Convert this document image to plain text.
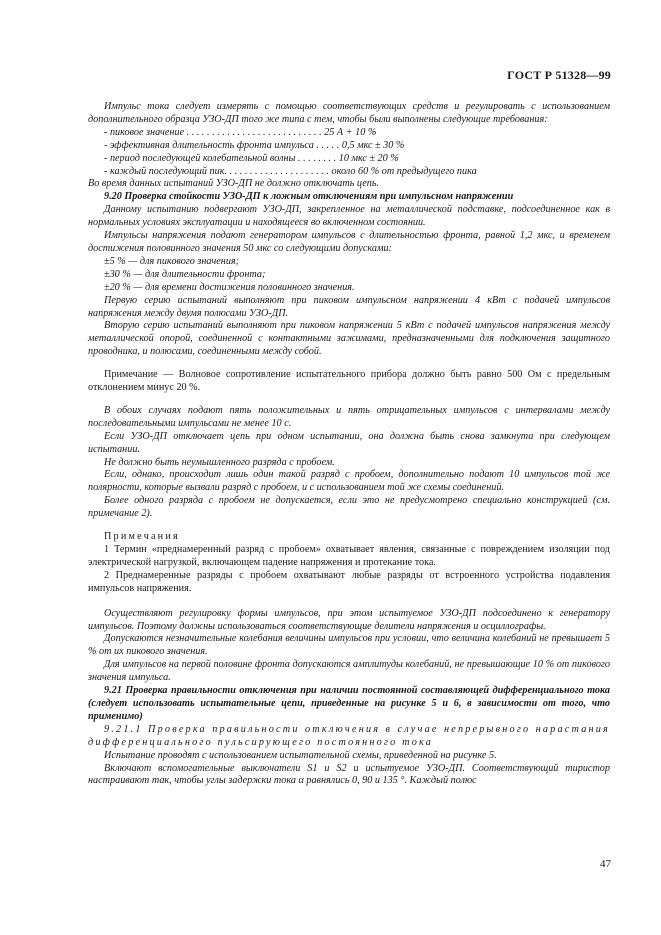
ГОСТ Р 51328—99

Импульс тока следует измерять с помощью соответствующих средств и регулировать с использованием дополнительного образца УЗО-ДП того же типа с тем, чтобы были выполнены следующие требования:

- пиковое значение . . . . . . . . . . . . . . . . . . . . . . . . . . . 25 А + 10 %
- эффективная длительность фронта импульса . . . . . 0,5 мкс ± 30 %
- период последующей колебательной волны . . . . . . . . 10 мкс ± 20 %
- каждый последующий пик. . . . . . . . . . . . . . . . . . . . . около 60 % от предыдущего пика

Во время данных испытаний УЗО-ДП не должно отключать цепь.

9.20 Проверка стойкости УЗО-ДП к ложным отключениям при импульсном напряжении

Данному испытанию подвергают УЗО-ДП, закрепленное на металлической подставке, подсоединенное как в нормальных условиях эксплуатации и находящееся во включенном состоянии.

Импульсы напряжения подают генератором импульсов с длительностью фронта, равной 1,2 мкс, и временем достижения половинного значения 50 мкс со следующими допусками:

±5 % — для пикового значения;

±30 % — для длительности фронта;

±20 % — для времени достижения половинного значения.

Первую серию испытаний выполняют при пиковом импульсном напряжении 4 кВт с подачей импульсов напряжения между двумя полюсами УЗО-ДП.

Вторую серию испытаний выполняют при пиковом напряжении 5 кВт с подачей импульсов напряжения между металлической опорой, соединенной с контактными зажимами, предназначенными для подключения защитного проводника, и полюсами, соединенными между собой.

Примечание — Волновое сопротивление испытательного прибора должно быть равно 500 Ом с предельным отклонением минус 20 %.

В обоих случаях подают пять положительных и пять отрицательных импульсов с интервалами между последовательными импульсами не менее 10 с.

Если УЗО-ДП отключает цепь при одном испытании, она должна быть снова замкнута при следующем испытании.

Не должно быть неумышленного разряда с пробоем.

Если, однако, происходит лишь один такой разряд с пробоем, дополнительно подают 10 импульсов той же полярности, которые вызвали разряд с пробоем, и с использованием той же схемы соединений.

Более одного разряда с пробоем не допускается, если это не предусмотрено специально конструкцией (см. примечание 2).

Примечания

1 Термин «преднамеренный разряд с пробоем» охватывает явления, связанные с повреждением изоляции под электрической нагрузкой, включающем падение напряжения и протекание тока.

2 Преднамеренные разряды с пробоем охватывают любые разряды от встроенного устройства подавления импульсов напряжения.

Осуществляют регулировку формы импульсов, при этом испытуемое УЗО-ДП подсоединено к генератору импульсов. Поэтому должны использоваться соответствующие делители напряжения и осциллографы.

Допускаются незначительные колебания величины импульсов при условии, что величина колебаний не превышает 5 % от их пикового значения.

Для импульсов на первой половине фронта допускаются амплитуды колебаний, не превышающие 10 % от пикового значения импульса.

9.21 Проверка правильности отключения при наличии постоянной составляющей дифференциального тока (следует использовать испытательные цепи, приведенные на рисунке 5 и 6, в зависимости от того, что применимо)

9.21.1 Проверка правильности отключения в случае непрерывного нарастания дифференциального пульсирующего постоянного тока

Испытание проводят с использованием испытательной схемы, приведенной на рисунке 5.

Включают вспомогательные выключатели S1 и S2 и испытуемое УЗО-ДП. Соответствующий тиристор настраивают так, чтобы углы задержки тока α равнялись 0, 90 и 135 °. Каждый полюс

47
